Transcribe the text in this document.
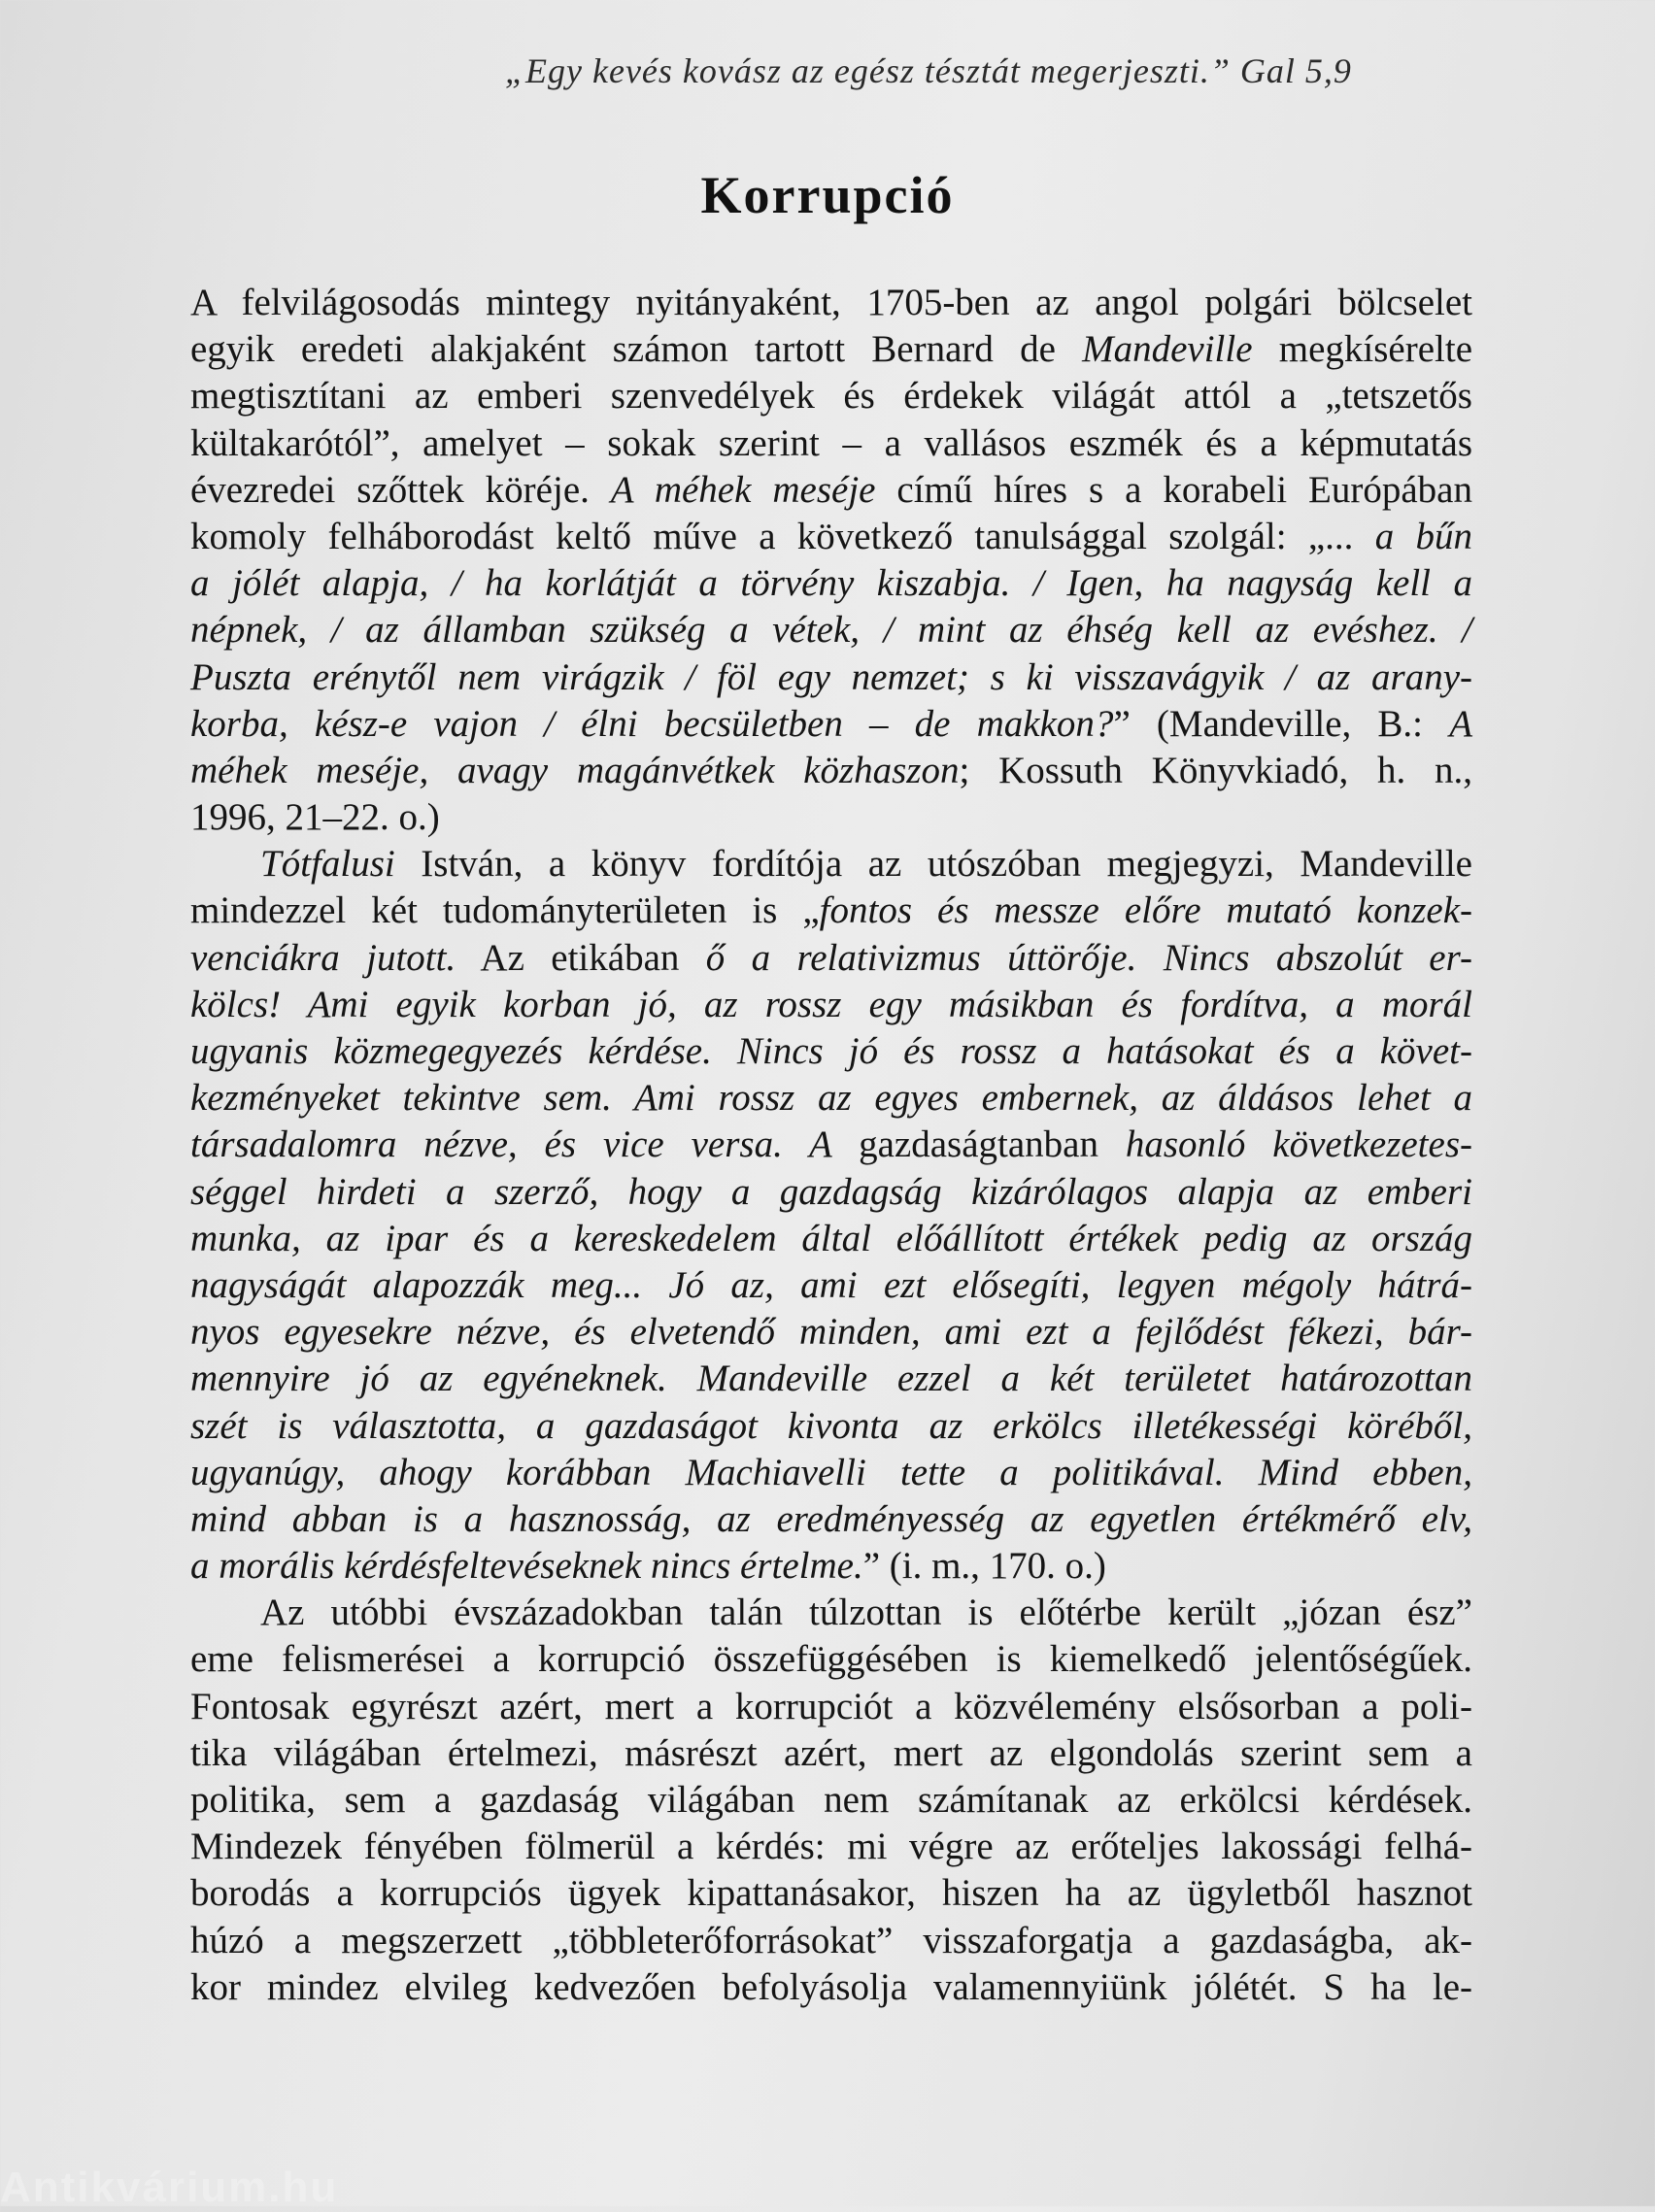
„Egy kevés kovász az egész tésztát megerjeszti.” Gal 5,9
Korrupció
A felvilágosodás mintegy nyitányaként, 1705-ben az angol polgári bölcselet
egyik eredeti alakjaként számon tartott Bernard de Mandeville megkísérelte
megtisztítani az emberi szenvedélyek és érdekek világát attól a „tetszetős
kültakarótól”, amelyet – sokak szerint – a vallásos eszmék és a képmutatás
évezredei szőttek köréje. A méhek meséje című híres s a korabeli Európában
komoly felháborodást keltő műve a következő tanulsággal szolgál: „... a bűn
a jólét alapja, / ha korlátját a törvény kiszabja. / Igen, ha nagyság kell a
népnek, / az államban szükség a vétek, / mint az éhség kell az evéshez. /
Puszta erénytől nem virágzik / föl egy nemzet; s ki visszavágyik / az arany-
korba, kész-e vajon / élni becsületben – de makkon?” (Mandeville, B.: A
méhek meséje, avagy magánvétkek közhaszon; Kossuth Könyvkiadó, h. n.,
1996, 21–22. o.)
Tótfalusi István, a könyv fordítója az utószóban megjegyzi, Mandeville
mindezzel két tudományterületen is „fontos és messze előre mutató konzek-
venciákra jutott. Az etikában ő a relativizmus úttörője. Nincs abszolút er-
kölcs! Ami egyik korban jó, az rossz egy másikban és fordítva, a morál
ugyanis közmegegyezés kérdése. Nincs jó és rossz a hatásokat és a követ-
kezményeket tekintve sem. Ami rossz az egyes embernek, az áldásos lehet a
társadalomra nézve, és vice versa. A gazdaságtanban hasonló következetes-
séggel hirdeti a szerző, hogy a gazdagság kizárólagos alapja az emberi
munka, az ipar és a kereskedelem által előállított értékek pedig az ország
nagyságát alapozzák meg... Jó az, ami ezt elősegíti, legyen mégoly hátrá-
nyos egyesekre nézve, és elvetendő minden, ami ezt a fejlődést fékezi, bár-
mennyire jó az egyéneknek. Mandeville ezzel a két területet határozottan
szét is választotta, a gazdaságot kivonta az erkölcs illetékességi köréből,
ugyanúgy, ahogy korábban Machiavelli tette a politikával. Mind ebben,
mind abban is a hasznosság, az eredményesség az egyetlen értékmérő elv,
a morális kérdésfeltevéseknek nincs értelme.” (i. m., 170. o.)
Az utóbbi évszázadokban talán túlzottan is előtérbe került „józan ész”
eme felismerései a korrupció összefüggésében is kiemelkedő jelentőségűek.
Fontosak egyrészt azért, mert a korrupciót a közvélemény elsősorban a poli-
tika világában értelmezi, másrészt azért, mert az elgondolás szerint sem a
politika, sem a gazdaság világában nem számítanak az erkölcsi kérdések.
Mindezek fényében fölmerül a kérdés: mi végre az erőteljes lakossági felhá-
borodás a korrupciós ügyek kipattanásakor, hiszen ha az ügyletből hasznot
húzó a megszerzett „többleterőforrásokat” visszaforgatja a gazdaságba, ak-
kor mindez elvileg kedvezően befolyásolja valamennyiünk jólétét. S ha le-
Antikvárium.hu
